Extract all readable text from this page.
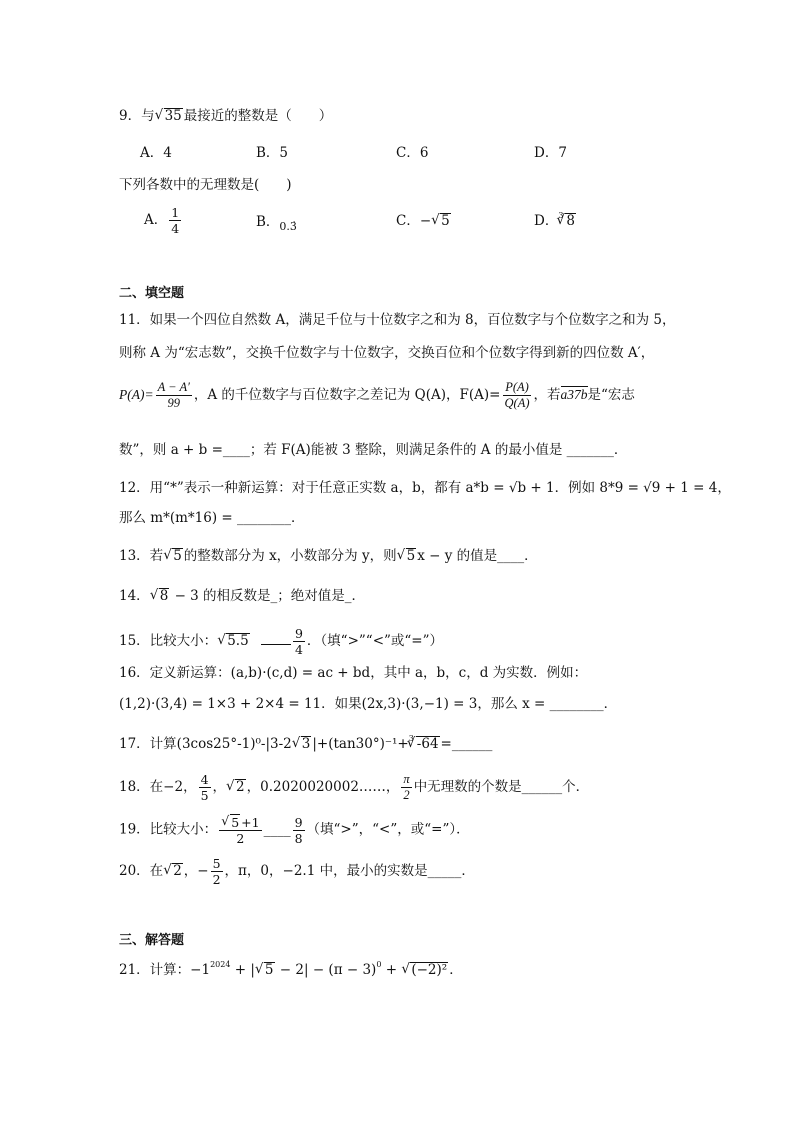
9．与 √ 35 最接近的整数是（　　）
A．4	B．5	C．6	D．7
下列各数中的无理数是(　　)
A． $\frac{1}{4}$	B．$_{0.3̇}$	C．− √ 5	D．$^3$ √ 8
二、填空题
11．如果一个四位自然数 A，满足千位与十位数字之和为 8，百位数字与个位数字之和为 5，
则称 A 为“宏志数”，交换千位数字与十位数字，交换百位和个位数字得到新的四位数 A′，
$P(A)= \frac{A - A'}{99}$ ，A 的千位数字与百位数字之差记为 Q(A)，$F(A)= \frac{P(A)}{Q(A)}$ ，若a37b是“宏志
数”，则 a + b =____；若 F(A)能被 3 整除，则满足条件的 A 的最小值是 _______．
12．用“*”表示一种新运算：对于任意正实数 a，b，都有 a*b = √b + 1．例如 8*9 = √9 + 1 = 4，
那么 m*(m*16) = ________．
13．若 √ 5 的整数部分为 x，小数部分为 y，则 √ 5 x − y 的值是____．
14． √ 8 − 3 的相反数是_；绝对值是_．
15．比较大小： √ 5.5	$\frac{9}{4}$ ．（填“>”“<”或“=”）
16．定义新运算：(a,b)·(c,d) = ac + bd，其中 a，b，c，d 为实数．例如：
(1,2)·(3,4) = 1×3 + 2×4 = 11．如果(2x,3)·(3,−1) = 3，那么 x = ________．
17．计算(3cos25°-1)⁰-|3-2 √ 3 |+(tan30°)⁻¹+$^3$ √ -64 =______
18．在−2， $\frac{4}{5}$ ， √ 2 ，0.2020020002……， $\frac{\pi}{2}$ 中无理数的个数是______个．
19．比较大小： √ $\frac{5 +1}{2}$ ____ $\frac{9}{8}$ （填“>”，“<”，或“=”）．
20．在 √ 2 ，− $\frac{5}{2}$ ，π，0，−2.1 中，最小的实数是_____．
三、解答题
21．计算：$-1^{2024}$ + | √ $5 - 2| - (\pi - 3)^0$ + √ (−2)² ．
